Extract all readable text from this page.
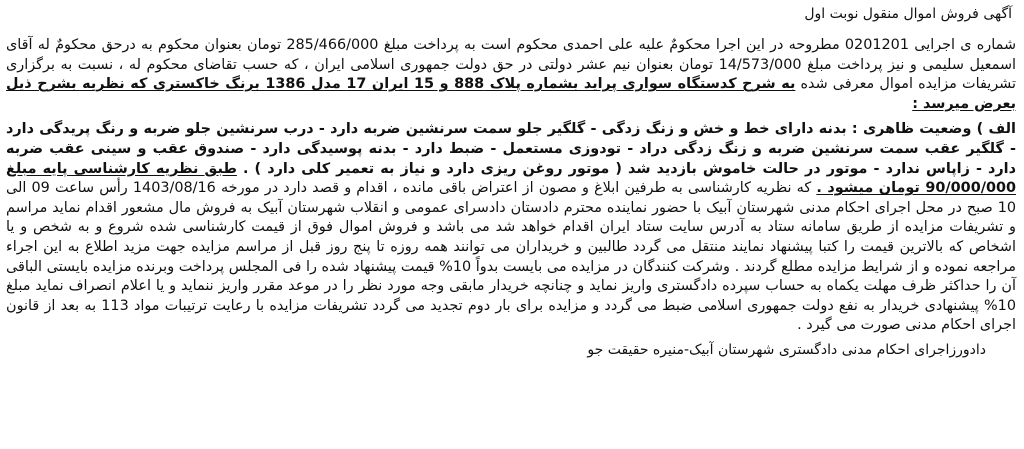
آگهی فروش اموال منقول نوبت اول
شماره ی اجرایی 0201201 مطروحه در این اجرا محکومٌ علیه علی احمدی محکوم است به پرداخت مبلغ 285/466/000 تومان بعنوان محکوم به درحق محکومٌ له آقای اسمعیل سلیمی و نیز پرداخت مبلغ 14/573/000 تومان بعنوان نیم عشر دولتی در حق دولت جمهوری اسلامی ایران ، که حسب تقاضای محکوم له ، نسبت به برگزاری تشریفات مزایده اموال معرفی شده به شرح کدستگاه سواری پراید بشماره پلاک 888 و 15 ایران 17 مدل 1386 برنگ خاکستری که نظریه بشرح ذیل بعرض میرسد :
الف ) وضعیت ظاهری : بدنه دارای خط و خش و زنگ زدگی - گلگیر جلو سمت سرنشین ضربه دارد - درب سرنشین جلو ضربه و رنگ پریدگی دارد - گلگیر عقب سمت سرنشین ضربه و زنگ زدگی دراد - تودوزی مستعمل - ضبط دارد - بدنه پوسیدگی دارد - صندوق عقب و سینی عقب ضربه دارد - زاپاس ندارد - موتور در حالت خاموش بازدید شد ( موتور روغن ریزی دارد و نیاز به تعمیر کلی دارد ) . طبق نظریه کارشناسی پایه مبلغ 90/000/000 تومان میشود . که نظریه کارشناسی به طرفین ابلاغ و مصون از اعتراض باقی مانده ، اقدام و قصد دارد در مورخه 1403/08/16 رأس ساعت 09 الی 10 صبح در محل اجرای احکام مدنی شهرستان آبیک با حضور نماینده محترم دادستان دادسرای عمومی و انقلاب شهرستان آبیک به فروش مال مشعور اقدام نماید مراسم و تشریفات مزایده از طریق سامانه ستاد به آدرس سایت ستاد ایران اقدام خواهد شد می باشد و فروش اموال فوق از قیمت کارشناسی شده شروع و به شخص و یا اشخاص که بالاترین قیمت را کتبا پیشنهاد نمایند منتقل می گردد طالبین و خریداران می توانند همه روزه تا پنج روز قبل از مراسم مزایده جهت مزید اطلاع به این اجراء مراجعه نموده و از شرایط مزایده مطلع گردند . وشرکت کنندگان در مزایده می بایست بدواً 10% قیمت پیشنهاد شده را فی المجلس پرداخت وبرنده مزایده بایستی الباقی آن را حداکثر ظرف مهلت یکماه به حساب سپرده دادگستری واریز نماید و چنانچه خریدار مابقی وجه مورد نظر را در موعد مقرر واریز ننماید و یا اعلام انصراف نماید مبلغ 10% پیشنهادی خریدار به نفع دولت جمهوری اسلامی ضبط می گردد و مزایده برای بار دوم تجدید می گردد تشریفات مزایده با رعایت ترتیبات مواد 113 به بعد از قانون اجرای احکام مدنی صورت می گیرد .
دادورزاجرای احکام مدنی دادگستری شهرستان آبیک-منیره حقیقت جو
